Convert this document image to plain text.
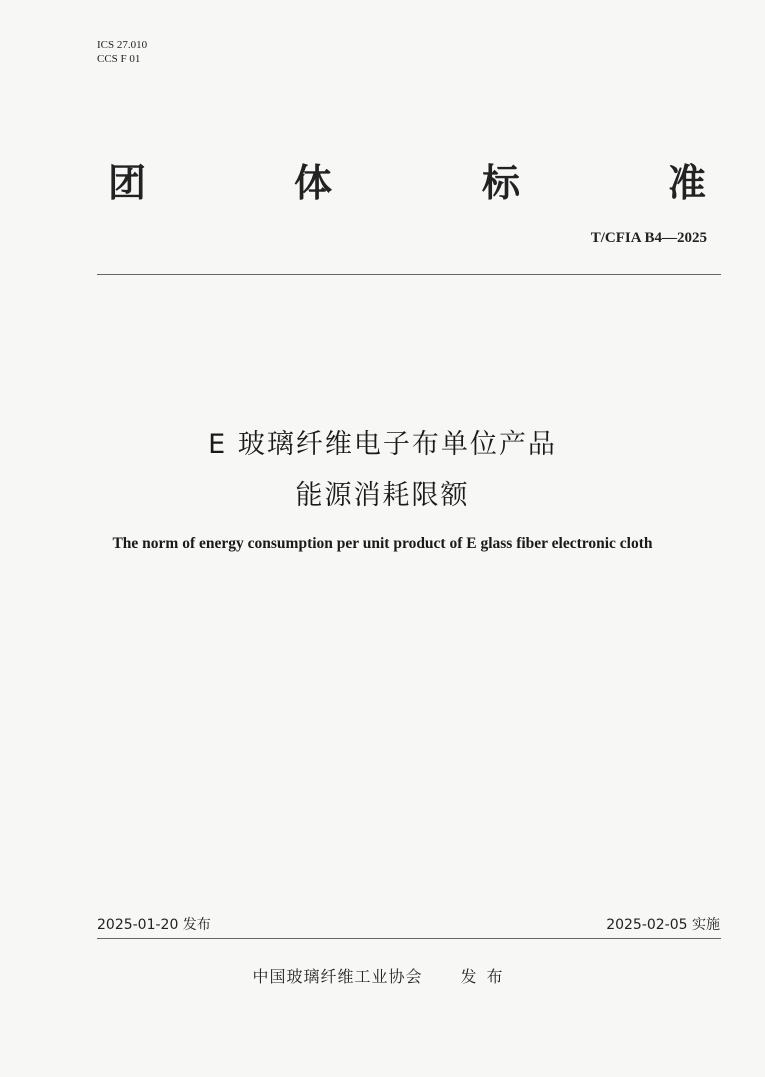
ICS 27.010
CCS F 01
团	体	标	准
T/CFIA B4—2025
E 玻璃纤维电子布单位产品
能源消耗限额
The norm of energy consumption per unit product of E glass fiber electronic cloth
2025-01-20 发布	2025-02-05 实施
中国玻璃纤维工业协会 发布
